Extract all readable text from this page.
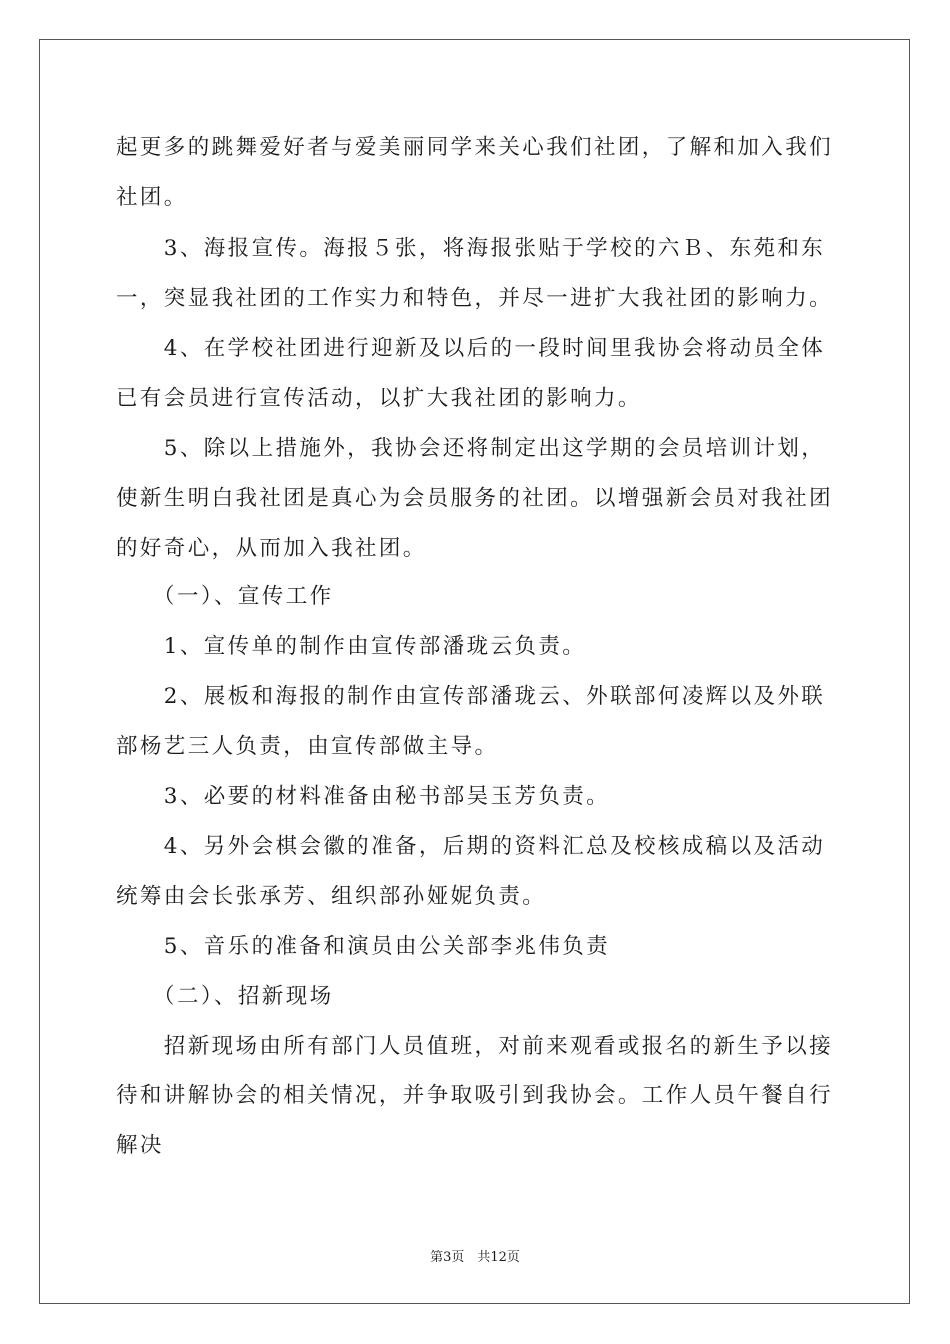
起更多的跳舞爱好者与爱美丽同学来关心我们社团，了解和加入我们

社团。

　　3、海报宣传。海报５张，将海报张贴于学校的六Ｂ、东苑和东

一，突显我社团的工作实力和特色，并尽一进扩大我社团的影响力。

　　4、在学校社团进行迎新及以后的一段时间里我协会将动员全体

已有会员进行宣传活动，以扩大我社团的影响力。

　　5、除以上措施外，我协会还将制定出这学期的会员培训计划，

使新生明白我社团是真心为会员服务的社团。以增强新会员对我社团

的好奇心，从而加入我社团。

　　（一）、宣传工作

　　1、宣传单的制作由宣传部潘珑云负责。

　　2、展板和海报的制作由宣传部潘珑云、外联部何凌辉以及外联

部杨艺三人负责，由宣传部做主导。

　　3、必要的材料准备由秘书部吴玉芳负责。

　　4、另外会棋会徽的准备，后期的资料汇总及校核成稿以及活动

统筹由会长张承芳、组织部孙娅妮负责。

　　5、音乐的准备和演员由公关部李兆伟负责

　　（二）、招新现场

　　招新现场由所有部门人员值班，对前来观看或报名的新生予以接

待和讲解协会的相关情况，并争取吸引到我协会。工作人员午餐自行

解决

第3页　共12页
